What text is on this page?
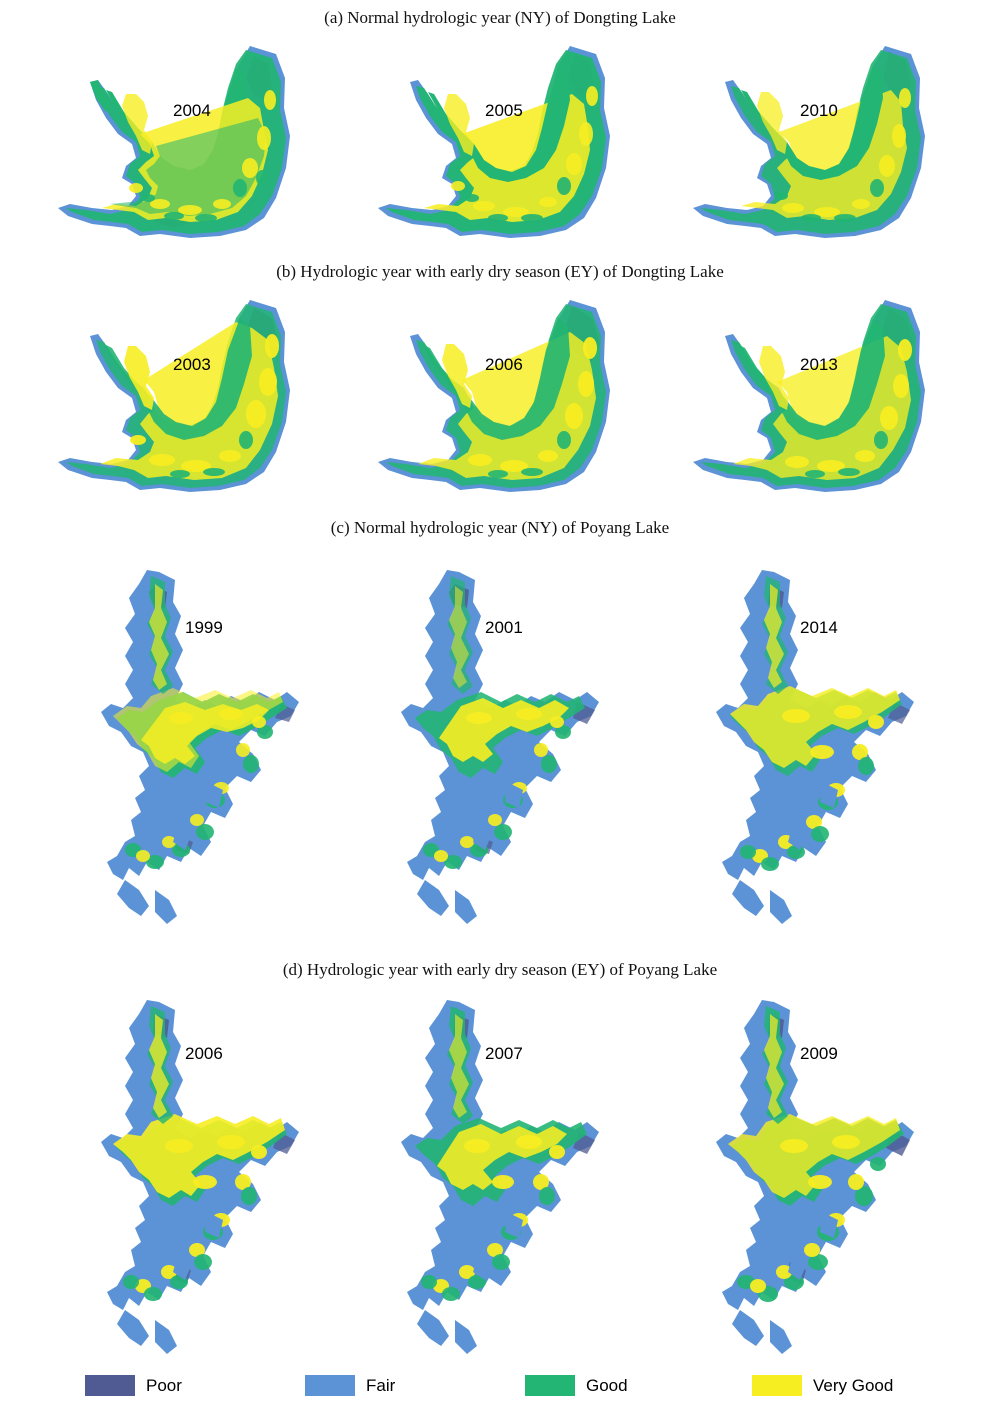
(a) Normal hydrologic year (NY) of Dongting Lake
2004	2005	2010
(b) Hydrologic year with early dry season (EY) of Dongting Lake
2003	2006	2013
(c) Normal hydrologic year (NY) of Poyang Lake
1999	2001	2014
(d) Hydrologic year with early dry season (EY) of Poyang Lake
2006	2007	2009
Poor	Fair	Good	Very Good
